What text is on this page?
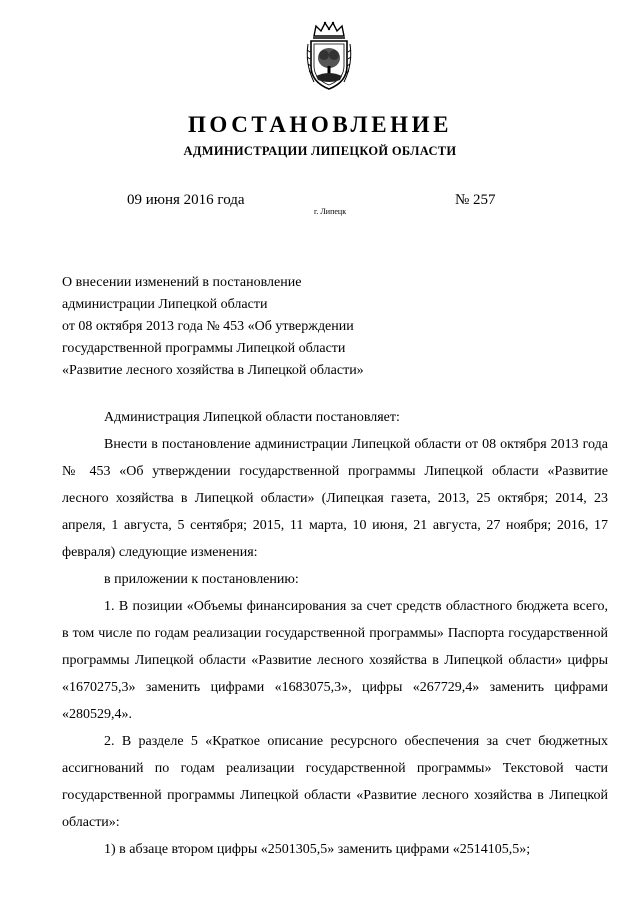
ПОСТАНОВЛЕНИЕ
АДМИНИСТРАЦИИ ЛИПЕЦКОЙ ОБЛАСТИ
09 июня 2016 года
г. Липецк
№ 257
О внесении изменений в постановление
администрации Липецкой области
от 08 октября 2013 года № 453 «Об утверждении
государственной программы Липецкой области
«Развитие лесного хозяйства в Липецкой области»

Администрация Липецкой области постановляет:

Внести в постановление администрации Липецкой области от 08 октября 2013 года № 453 «Об утверждении государственной программы Липецкой области «Развитие лесного хозяйства в Липецкой области» (Липецкая газета, 2013, 25 октября; 2014, 23 апреля, 1 августа, 5 сентября; 2015, 11 марта, 10 июня, 21 августа, 27 ноября; 2016, 17 февраля) следующие изменения:

в приложении к постановлению:

1. В позиции «Объемы финансирования за счет средств областного бюджета всего, в том числе по годам реализации государственной программы» Паспорта государственной программы Липецкой области «Развитие лесного хозяйства в Липецкой области» цифры «1670275,3» заменить цифрами «1683075,3», цифры «267729,4» заменить цифрами «280529,4».

2. В разделе 5 «Краткое описание ресурсного обеспечения за счет бюджетных ассигнований по годам реализации государственной программы» Текстовой части государственной программы Липецкой области «Развитие лесного хозяйства в Липецкой области»:

1) в абзаце втором цифры «2501305,5» заменить цифрами «2514105,5»;
